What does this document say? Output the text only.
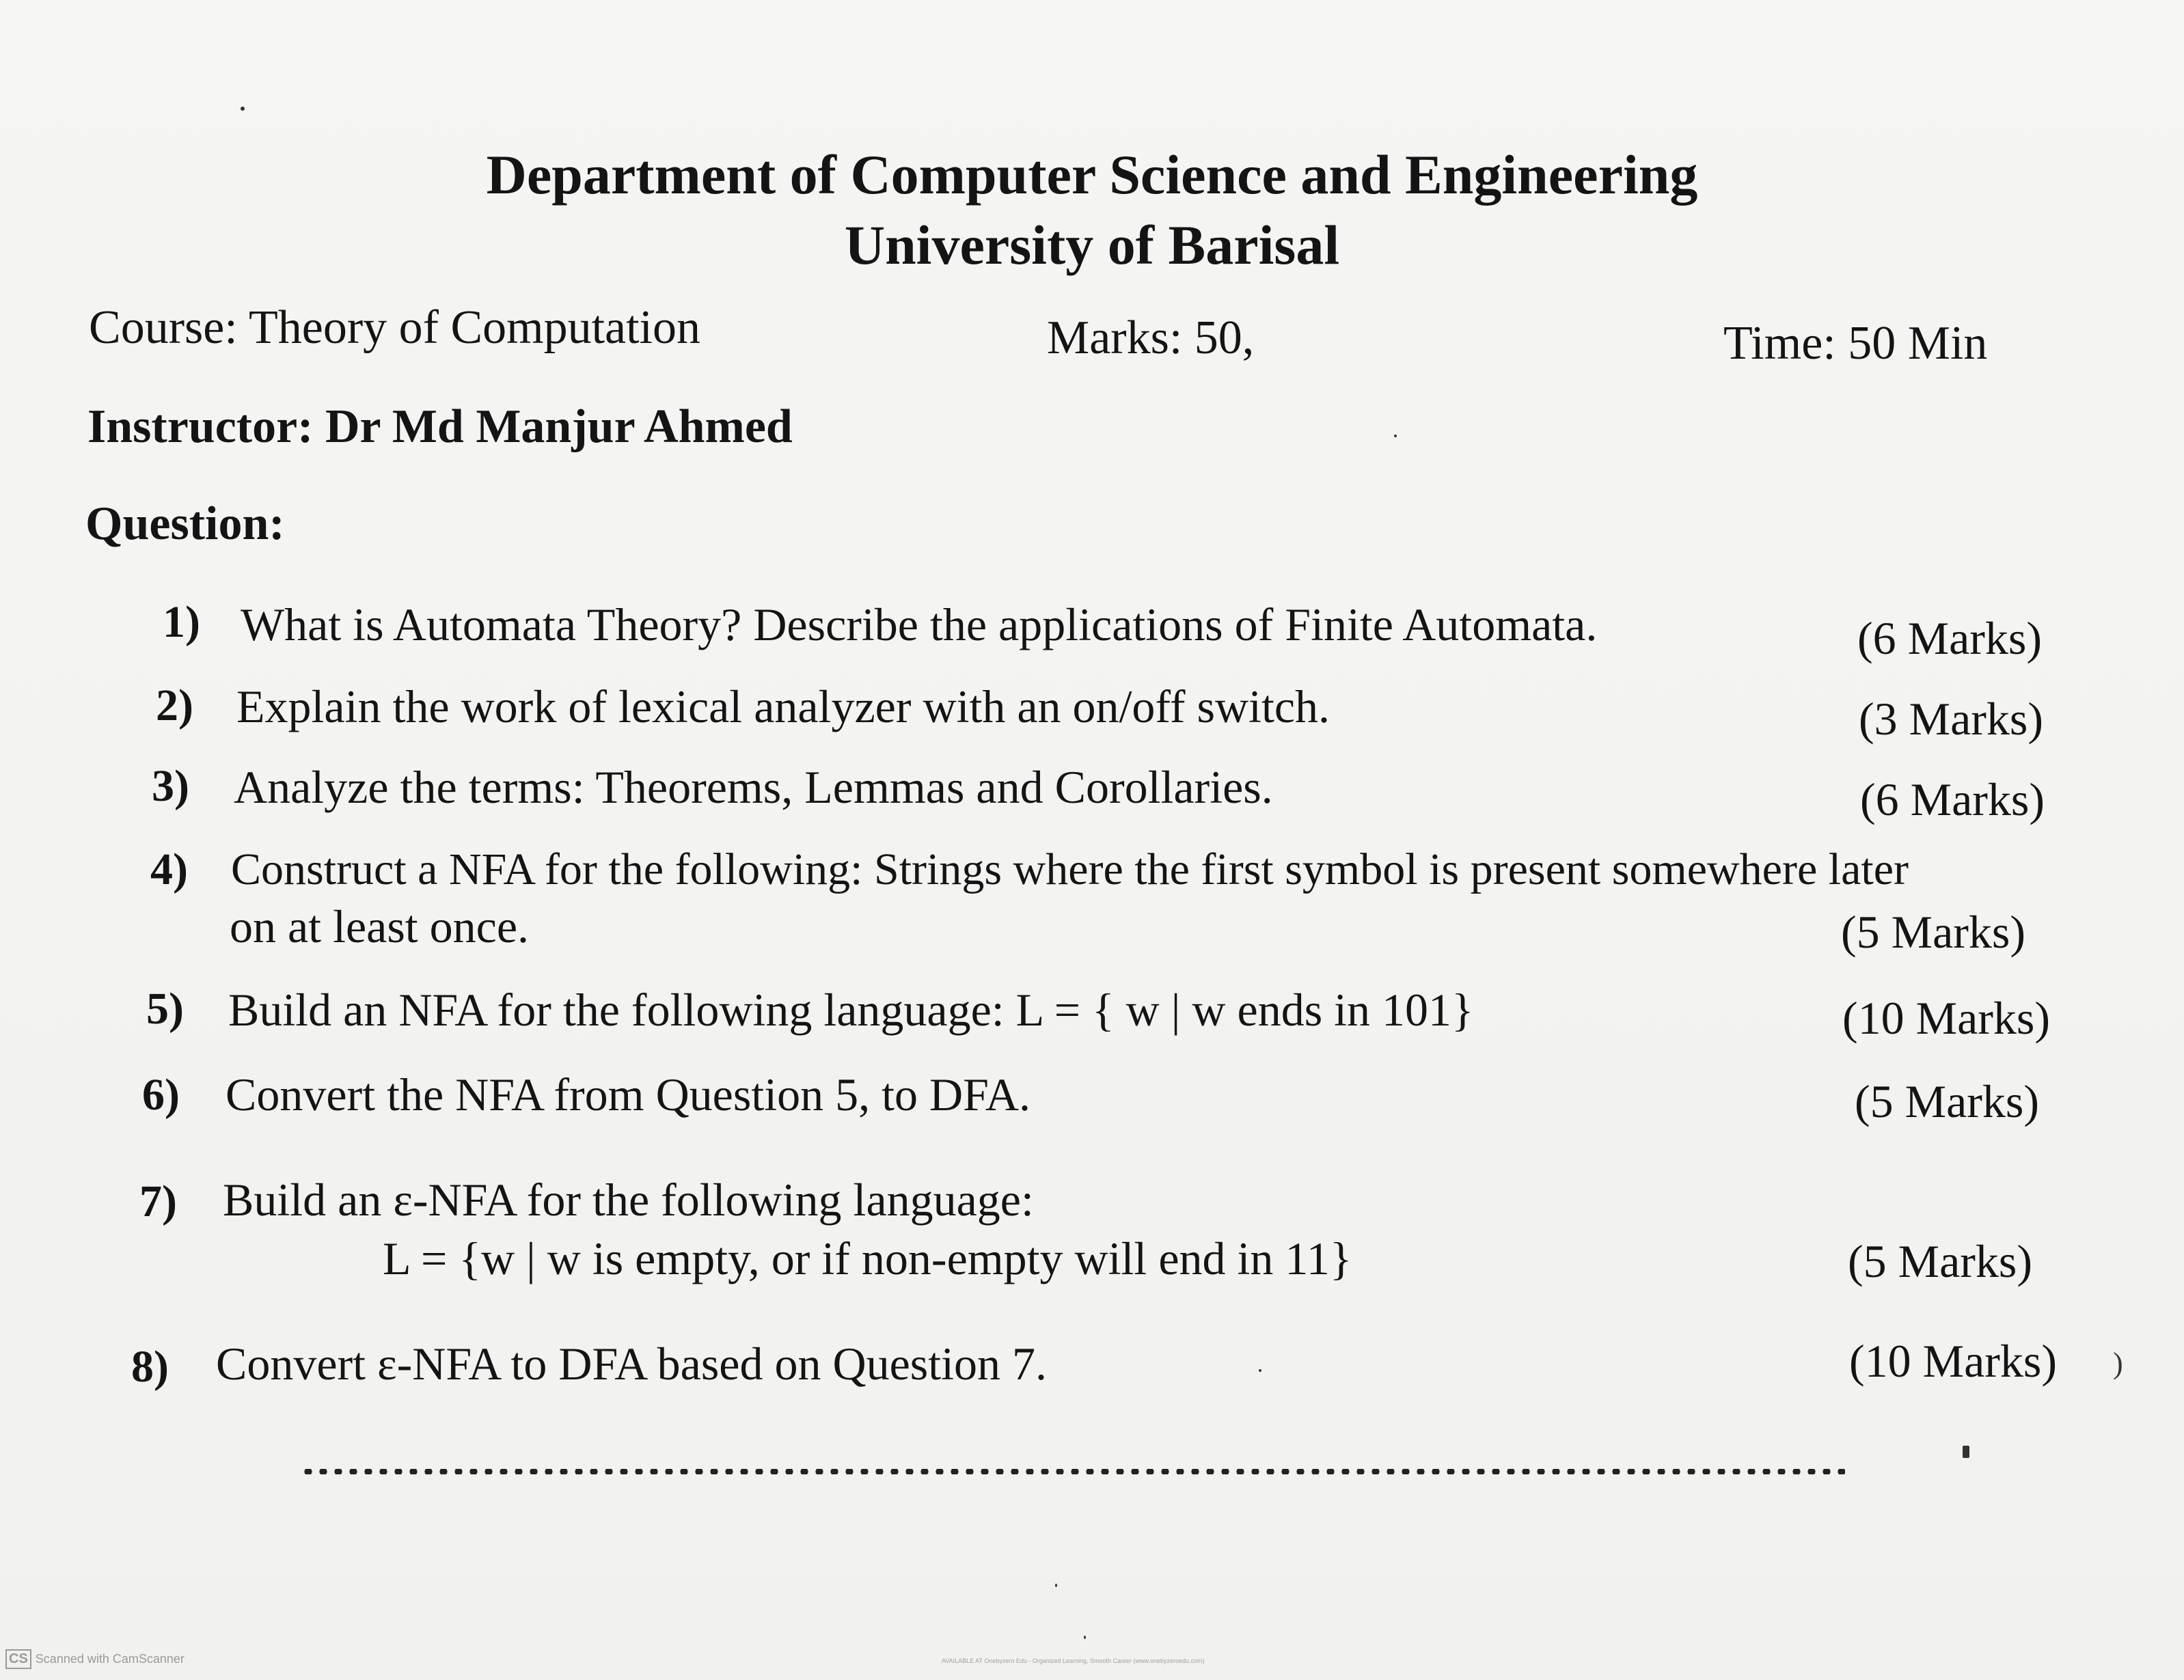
Department of Computer Science and Engineering
University of Barisal
Course: Theory of Computation	Marks: 50,	Time: 50 Min
Instructor: Dr Md Manjur Ahmed
Question:
1) What is Automata Theory? Describe the applications of Finite Automata.	(6 Marks)
2) Explain the work of lexical analyzer with an on/off switch.	(3 Marks)
3) Analyze the terms: Theorems, Lemmas and Corollaries.	(6 Marks)
4) Construct a NFA for the following: Strings where the first symbol is present somewhere later
on at least once.	(5 Marks)
5) Build an NFA for the following language: L = { w | w ends in 101}	(10 Marks)
6) Convert the NFA from Question 5, to DFA.	(5 Marks)
7) Build an ɛ-NFA for the following language:
L = {w | w is empty, or if non-empty will end in 11}	(5 Marks)
8) Convert ɛ-NFA to DFA based on Question 7.	(10 Marks) )
CS Scanned with CamScanner	AVAILABLE AT Onebyzero Edu - Organized Learning, Smooth Career (www.onebyzeroedu.com)
